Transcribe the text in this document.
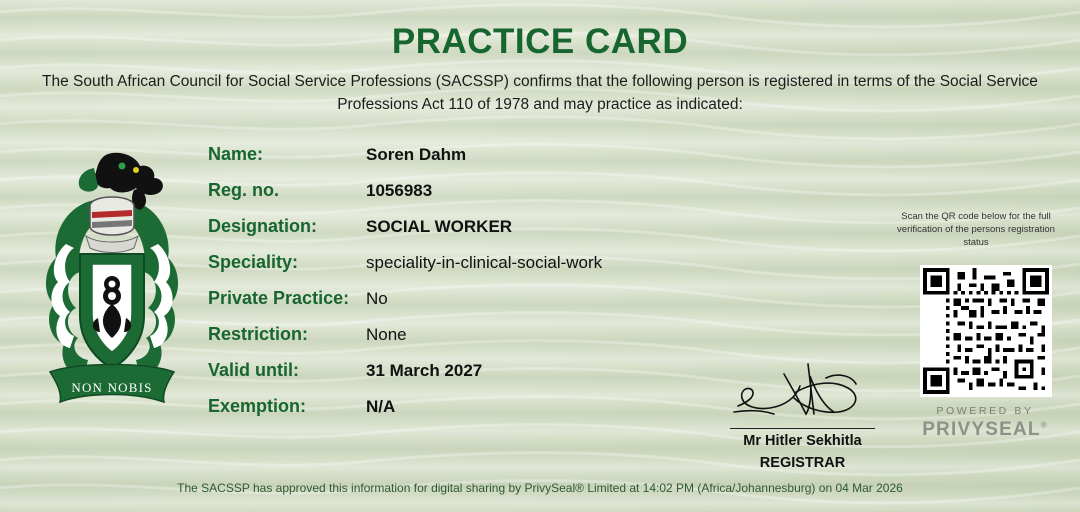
PRACTICE CARD
The South African Council for Social Service Professions (SACSSP) confirms that the following person is registered in terms of the Social Service Professions Act 110 of 1978 and may practice as indicated:
NON NOBIS
Name:	Soren Dahm
Reg. no.	1056983
Designation:	SOCIAL WORKER
Speciality:	speciality-in-clinical-social-work
Private Practice: No
Restriction:	None
Valid until:	31 March 2027
Exemption:	N/A
Scan the QR code below for the full verification of the persons registration status
POWERED BY
PRIVYSEAL®
Mr Hitler Sekhitla
REGISTRAR
The SACSSP has approved this information for digital sharing by PrivySeal® Limited at 14:02 PM (Africa/Johannesburg) on 04 Mar 2026
